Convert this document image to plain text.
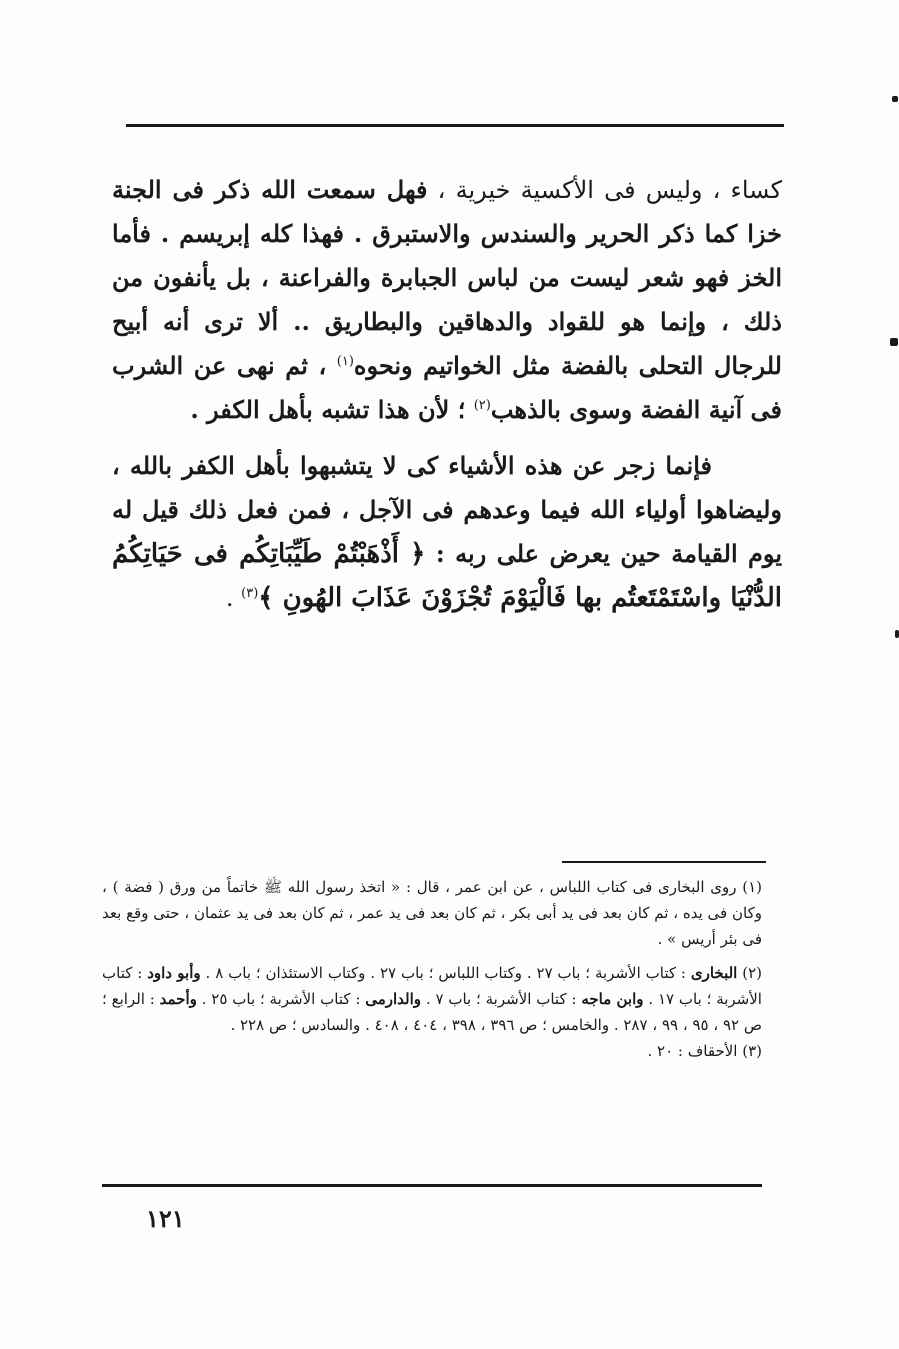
كساء ، وليس فى الأكسية خيرية ، فهل سمعت الله ذكر فى الجنة خزا كما ذكر الحرير والسندس والاستبرق . فهذا كله إبريسم . فأما الخز فهو شعر ليست من لباس الجبابرة والفراعنة ، بل يأنفون من ذلك ، وإنما هو للقواد والدهاقين والبطاريق .. ألا ترى أنه أبيح للرجال التحلى بالفضة مثل الخواتيم ونحوه$^{(١)}$ ، ثم نهى عن الشرب فى آنية الفضة وسوى بالذهب$^{(٢)}$ ؛ لأن هذا تشبه بأهل الكفر .

فإنما زجر عن هذه الأشياء كى لا يتشبهوا بأهل الكفر بالله ، وليضاهوا أولياء الله فيما وعدهم فى الآجل ، فمن فعل ذلك قيل له يوم القيامة حين يعرض على ربه : ﴿ أَذْهَبْتُمْ طَيِّبَاتِكُم فى حَيَاتِكُمُ الدُّنْيَا واسْتَمْتَعتُم بها فَالْيَوْمَ تُجْزَوْنَ عَذَابَ الهُونِ ﴾$^{(٣)}$ .

(١) روى البخارى فى كتاب اللباس ، عن ابن عمر ، قال : « اتخذ رسول الله ﷺ خاتماً من ورق ( فضة ) ، وكان فى يده ، ثم كان بعد فى يد أبى بكر ، ثم كان بعد فى يد عمر ، ثم كان بعد فى يد عثمان ، حتى وقع بعد فى بئر أريس » .

(٢) البخارى : كتاب الأشربة ؛ باب ٢٧ . وكتاب اللباس ؛ باب ٢٧ . وكتاب الاستئذان ؛ باب ٨ . وأبو داود : كتاب الأشربة ؛ باب ١٧ . وابن ماجه : كتاب الأشربة ؛ باب ٧ . والدارمى : كتاب الأشربة ؛ باب ٢٥ . وأحمد : الرابع ؛ ص ٩٢ ، ٩٥ ، ٩٩ ، ٢٨٧ . والخامس ؛ ص ٣٩٦ ، ٣٩٨ ، ٤٠٤ ، ٤٠٨ . والسادس ؛ ص ٢٢٨ .

(٣) الأحقاف : ٢٠ .

١٢١
